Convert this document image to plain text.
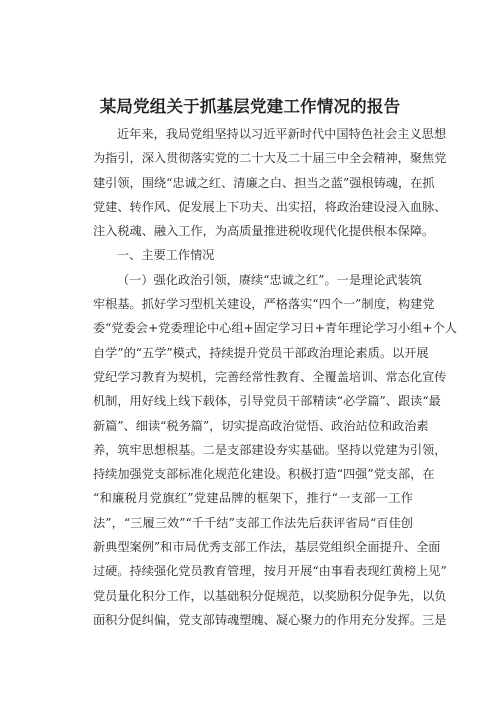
某局党组关于抓基层党建工作情况的报告
近年来，我局党组坚持以习近平新时代中国特色社会主义思想
为指引，深入贯彻落实党的二十大及二十届三中全会精神，聚焦党
建引领，围绕“忠诚之红、清廉之白、担当之蓝”强根铸魂，在抓
党建、转作风、促发展上下功夫、出实招，将政治建设浸入血脉、
注入税魂、融入工作，为高质量推进税收现代化提供根本保障。
一、主要工作情况
（一）强化政治引领，赓续“忠诚之红”。一是理论武装筑
牢根基。抓好学习型机关建设，严格落实“四个一”制度，构建党
委“党委会+党委理论中心组+固定学习日+青年理论学习小组+个人
自学”的“五学”模式，持续提升党员干部政治理论素质。以开展
党纪学习教育为契机，完善经常性教育、全覆盖培训、常态化宣传
机制，用好线上线下载体，引导党员干部精读“必学篇”、跟读“最
新篇”、细读“税务篇”，切实提高政治觉悟、政治站位和政治素
养，筑牢思想根基。二是支部建设夯实基础。坚持以党建为引领，
持续加强党支部标准化规范化建设。积极打造“四强”党支部，在
“和廉税月党旗红”党建品牌的框架下，推行“一支部一工作
法”，“三履三效”“千千结”支部工作法先后获评省局“百佳创
新典型案例”和市局优秀支部工作法，基层党组织全面提升、全面
过硬。持续强化党员教育管理，按月开展“由事看表现红黄榜上见”
党员量化积分工作，以基础积分促规范，以奖励积分促争先，以负
面积分促纠偏，党支部铸魂塑魄、凝心聚力的作用充分发挥。三是
